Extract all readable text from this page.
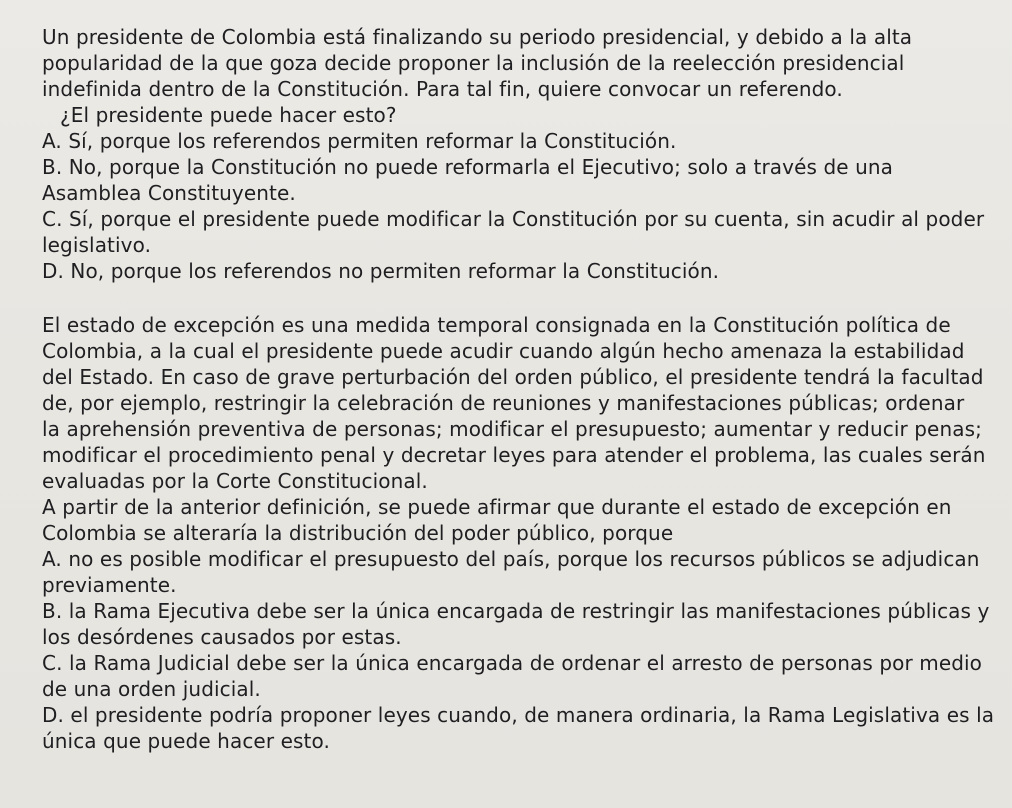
Un presidente de Colombia está finalizando su periodo presidencial, y debido a la alta
popularidad de la que goza decide proponer la inclusión de la reelección presidencial
indefinida dentro de la Constitución. Para tal fin, quiere convocar un referendo.
¿El presidente puede hacer esto?
A. Sí, porque los referendos permiten reformar la Constitución.
B. No, porque la Constitución no puede reformarla el Ejecutivo; solo a través de una
Asamblea Constituyente.
C. Sí, porque el presidente puede modificar la Constitución por su cuenta, sin acudir al poder
legislativo.
D. No, porque los referendos no permiten reformar la Constitución.
El estado de excepción es una medida temporal consignada en la Constitución política de
Colombia, a la cual el presidente puede acudir cuando algún hecho amenaza la estabilidad
del Estado. En caso de grave perturbación del orden público, el presidente tendrá la facultad
de, por ejemplo, restringir la celebración de reuniones y manifestaciones públicas; ordenar
la aprehensión preventiva de personas; modificar el presupuesto; aumentar y reducir penas;
modificar el procedimiento penal y decretar leyes para atender el problema, las cuales serán
evaluadas por la Corte Constitucional.
A partir de la anterior definición, se puede afirmar que durante el estado de excepción en
Colombia se alteraría la distribución del poder público, porque
A. no es posible modificar el presupuesto del país, porque los recursos públicos se adjudican
previamente.
B. la Rama Ejecutiva debe ser la única encargada de restringir las manifestaciones públicas y
los desórdenes causados por estas.
C. la Rama Judicial debe ser la única encargada de ordenar el arresto de personas por medio
de una orden judicial.
D. el presidente podría proponer leyes cuando, de manera ordinaria, la Rama Legislativa es la
única que puede hacer esto.
